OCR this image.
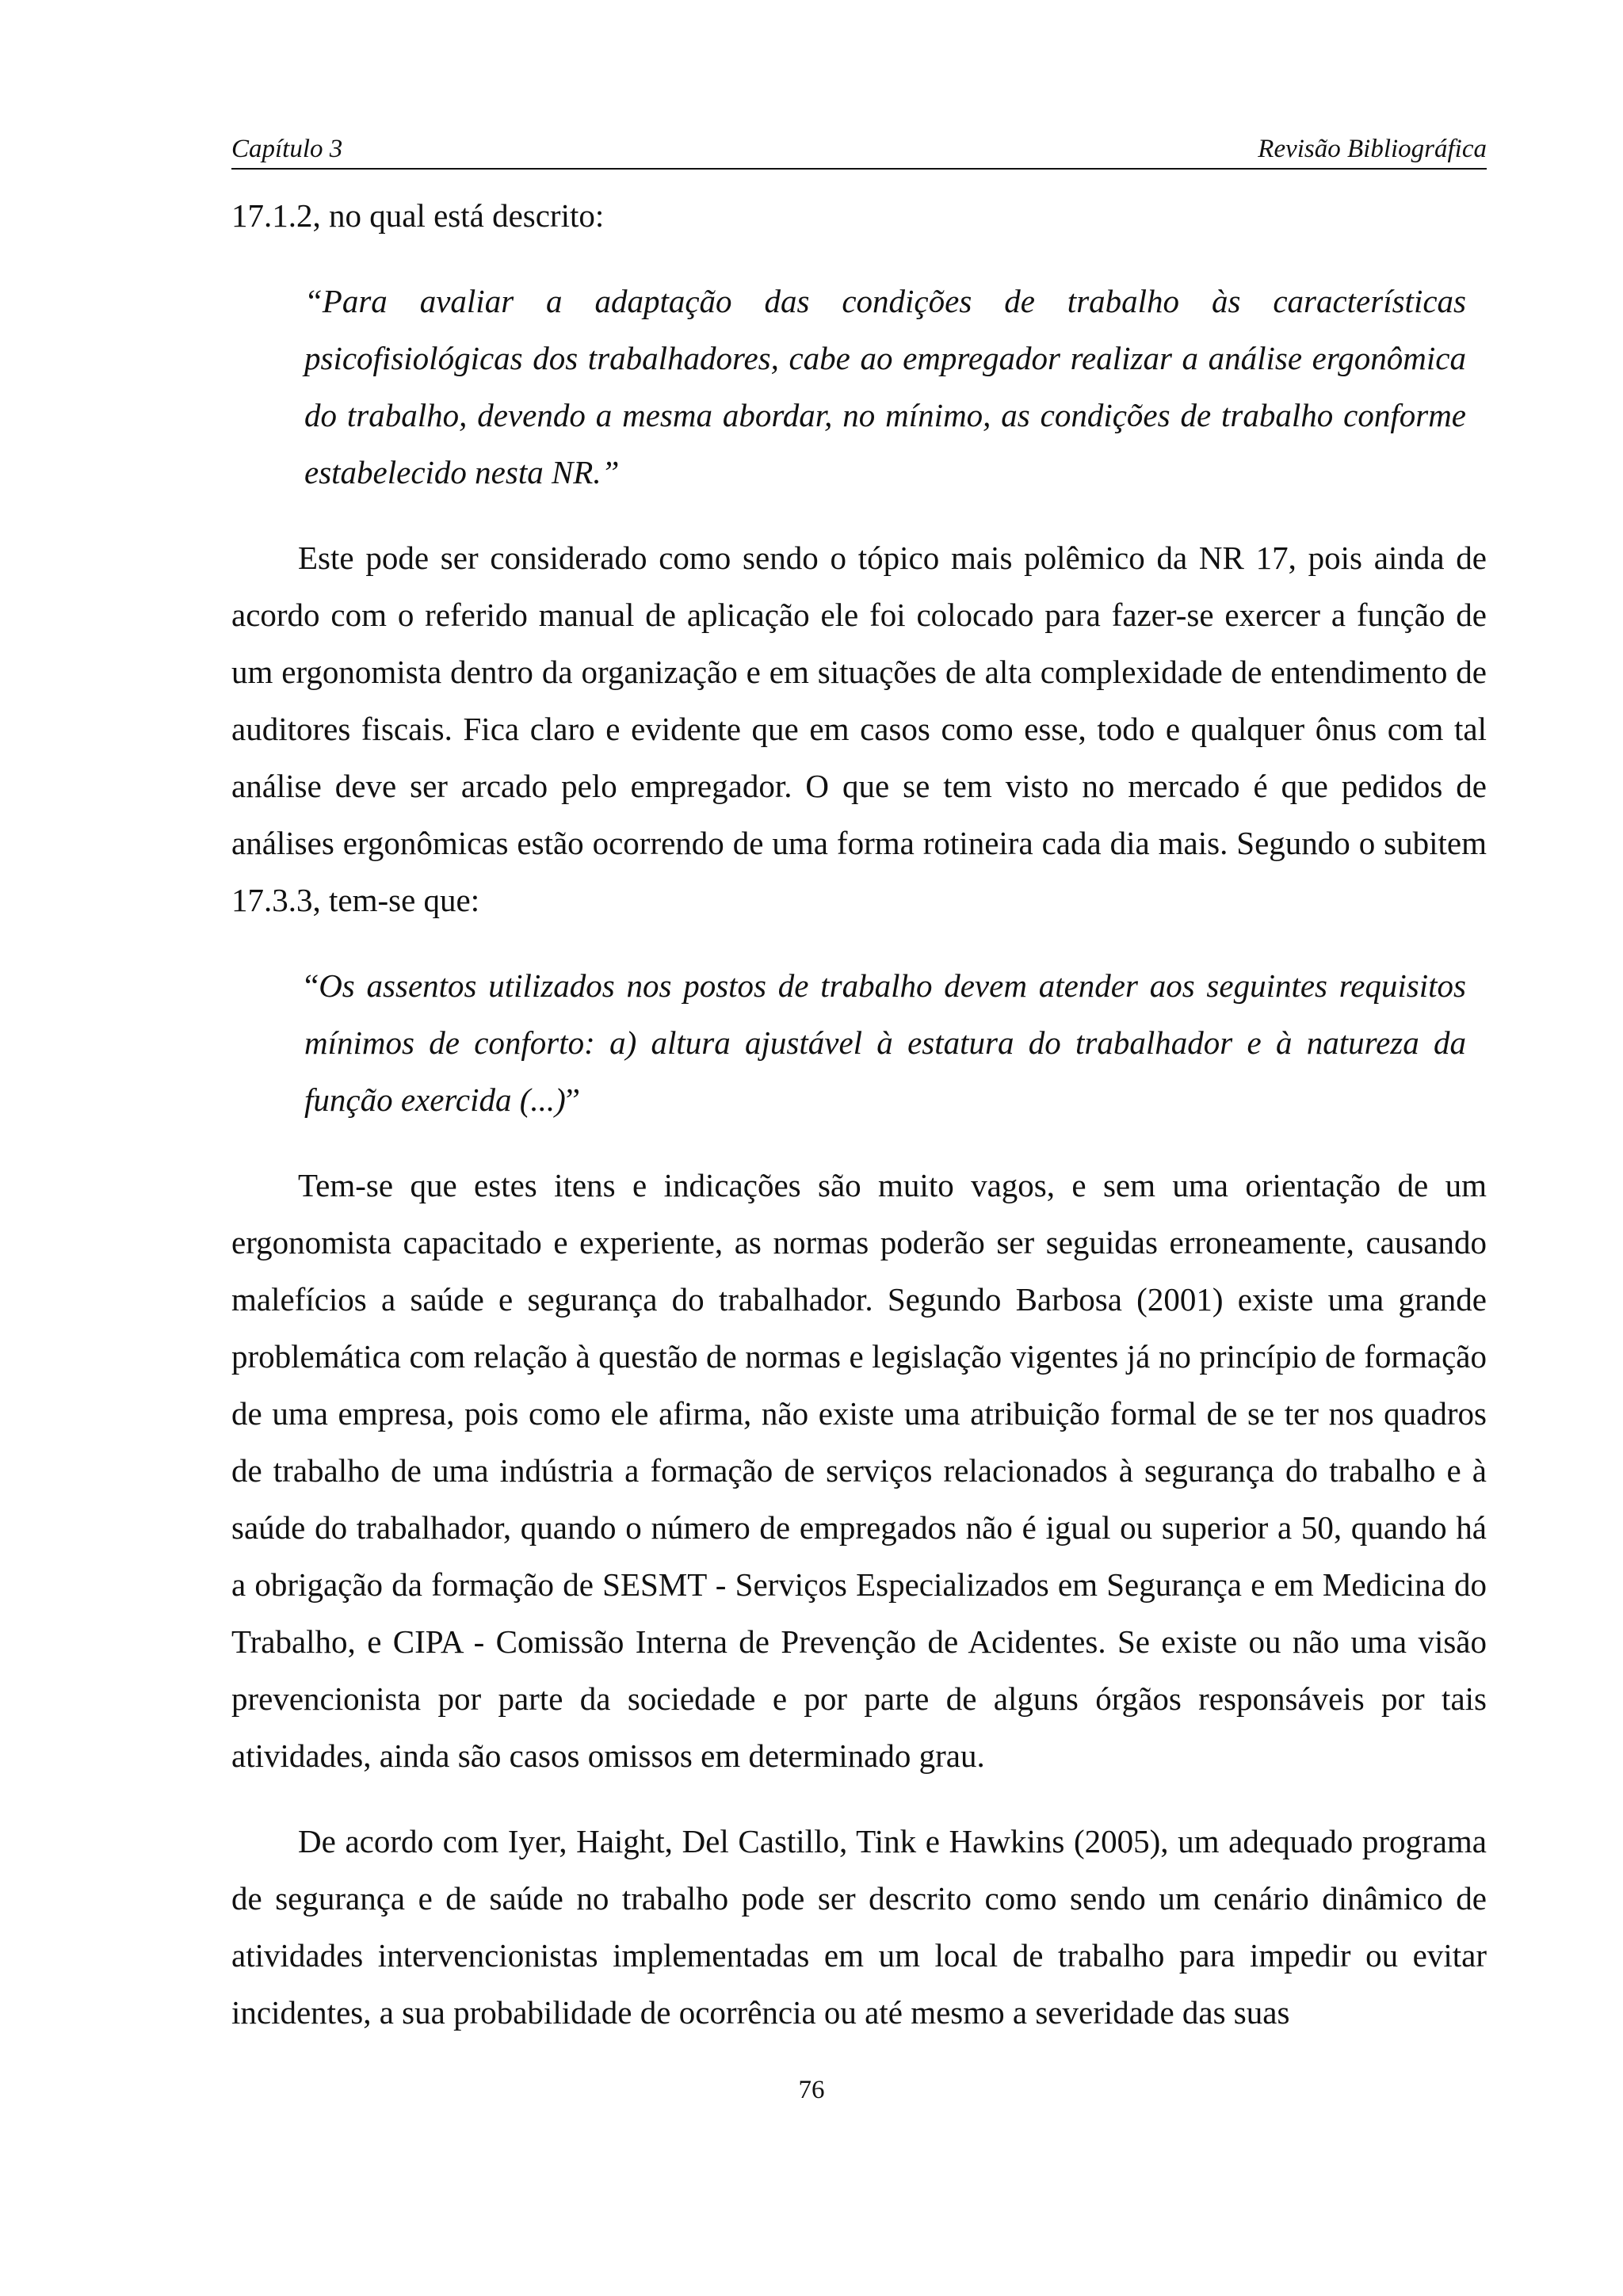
Capítulo 3	Revisão Bibliográfica

17.1.2, no qual está descrito:

“Para avaliar a adaptação das condições de trabalho às características psicofisiológicas dos trabalhadores, cabe ao empregador realizar a análise ergonômica do trabalho, devendo a mesma abordar, no mínimo, as condições de trabalho conforme estabelecido nesta NR.”

Este pode ser considerado como sendo o tópico mais polêmico da NR 17, pois ainda de acordo com o referido manual de aplicação ele foi colocado para fazer-se exercer a função de um ergonomista dentro da organização e em situações de alta complexidade de entendimento de auditores fiscais. Fica claro e evidente que em casos como esse, todo e qualquer ônus com tal análise deve ser arcado pelo empregador. O que se tem visto no mercado é que pedidos de análises ergonômicas estão ocorrendo de uma forma rotineira cada dia mais. Segundo o subitem 17.3.3, tem-se que:

“Os assentos utilizados nos postos de trabalho devem atender aos seguintes requisitos mínimos de conforto: a) altura ajustável à estatura do trabalhador e à natureza da função exercida (...)”

Tem-se que estes itens e indicações são muito vagos, e sem uma orientação de um ergonomista capacitado e experiente, as normas poderão ser seguidas erroneamente, causando malefícios a saúde e segurança do trabalhador. Segundo Barbosa (2001) existe uma grande problemática com relação à questão de normas e legislação vigentes já no princípio de formação de uma empresa, pois como ele afirma, não existe uma atribuição formal de se ter nos quadros de trabalho de uma indústria a formação de serviços relacionados à segurança do trabalho e à saúde do trabalhador, quando o número de empregados não é igual ou superior a 50, quando há a obrigação da formação de SESMT - Serviços Especializados em Segurança e em Medicina do Trabalho, e CIPA - Comissão Interna de Prevenção de Acidentes. Se existe ou não uma visão prevencionista por parte da sociedade e por parte de alguns órgãos responsáveis por tais atividades, ainda são casos omissos em determinado grau.

De acordo com Iyer, Haight, Del Castillo, Tink e Hawkins (2005), um adequado programa de segurança e de saúde no trabalho pode ser descrito como sendo um cenário dinâmico de atividades intervencionistas implementadas em um local de trabalho para impedir ou evitar incidentes, a sua probabilidade de ocorrência ou até mesmo a severidade das suas

76
